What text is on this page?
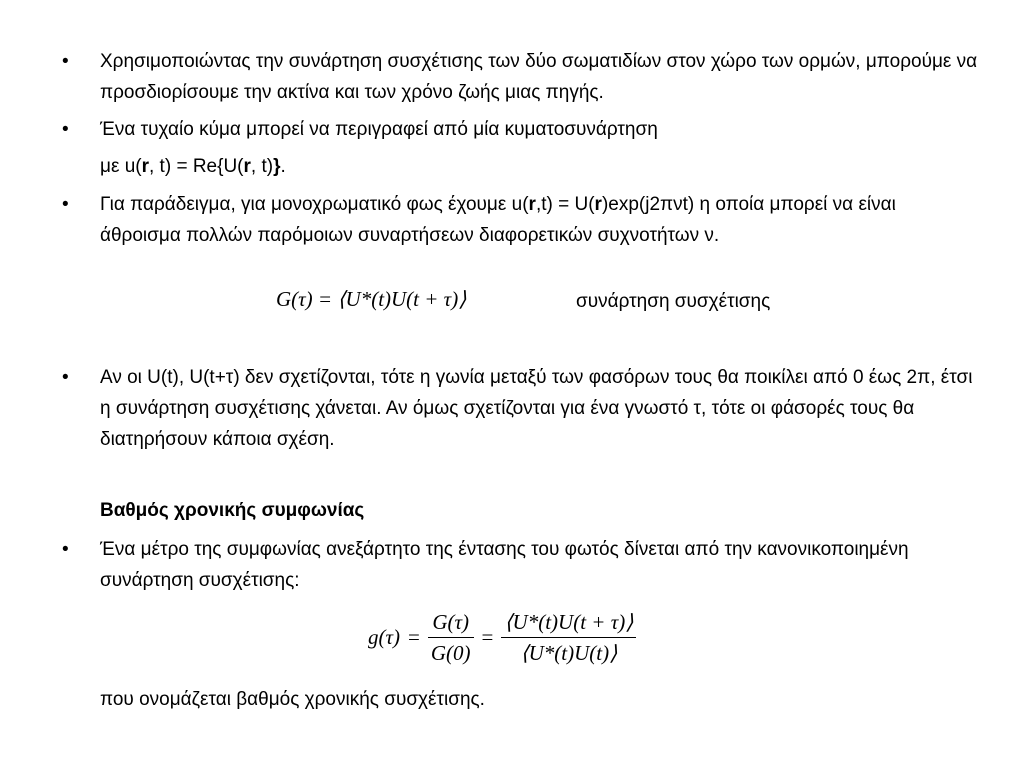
•	Χρησιμοποιώντας την συνάρτηση συσχέτισης των δύο σωματιδίων στον χώρο των ορμών, μπορούμε να προσδιορίσουμε την ακτίνα και των χρόνο ζωής μιας πηγής.
•	Ένα τυχαίο κύμα μπορεί να περιγραφεί από μία κυματοσυνάρτηση
με u(r, t) = Re{U(r, t)}.
•	Για παράδειγμα, για μονοχρωματικό φως έχουμε u(r,t) = U(r)exp(j2πνt) η οποία μπορεί να είναι άθροισμα πολλών παρόμοιων συναρτήσεων διαφορετικών συχνοτήτων ν.
G(τ) = ⟨U*(t)U(t + τ)⟩	συνάρτηση συσχέτισης
•	Αν οι U(t), U(t+τ) δεν σχετίζονται, τότε η γωνία μεταξύ των φασόρων τους θα ποικίλει από 0 έως 2π, έτσι η συνάρτηση συσχέτισης χάνεται. Αν όμως σχετίζονται για ένα γνωστό τ, τότε οι φάσορές τους θα διατηρήσουν κάποια σχέση.
Βαθμός χρονικής συμφωνίας
•	Ένα μέτρο της συμφωνίας ανεξάρτητο της έντασης του φωτός δίνεται από την κανονικοποιημένη συνάρτηση συσχέτισης:
$g(\tau) = \frac{G(\tau)}{G(0)} = \frac{⟨U*(t)U(t + \tau)⟩}{⟨U*(t)U(t)⟩}$
που ονομάζεται βαθμός χρονικής συσχέτισης.
